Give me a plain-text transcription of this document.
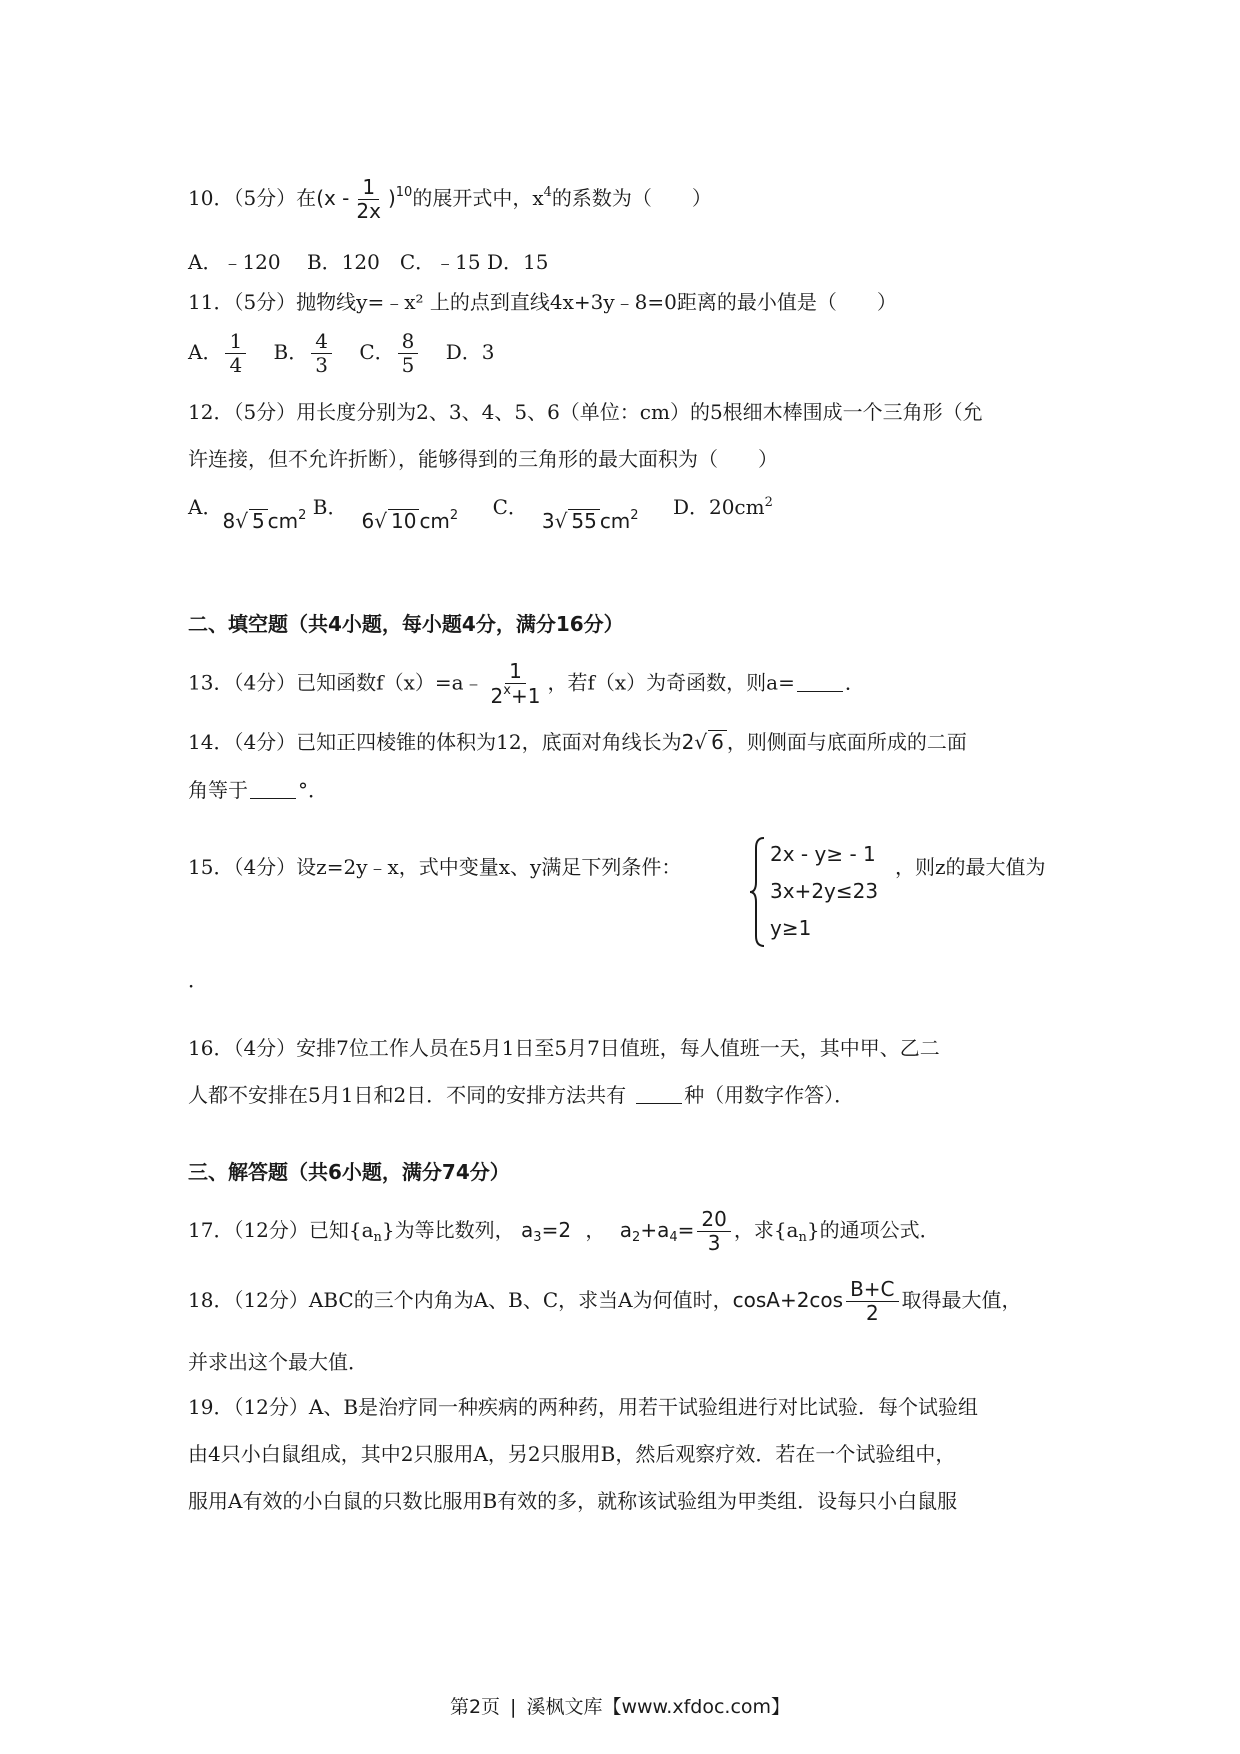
10．（5分）在$(x - \frac{1}{2x} )^{10}$的展开式中，$x^4$的系数为（　　）
A．﹣120　 B．120　C．﹣15 D．15
11．（5分）抛物线y=﹣x² 上的点到直线4x+3y﹣8=0距离的最小值是（　　）
A． $\frac{1}{4}$ B． $\frac{4}{3}$ C． $\frac{8}{5}$ D．3
12．（5分）用长度分别为2、3、4、5、6（单位：cm）的5根细木棒围成一个三角形（允
许连接，但不允许折断），能够得到的三角形的最大面积为（　　）
A．8√ 5 $cm^2$ B．6√ 10 $cm^2$ C．3√ 55 $cm^2$ D．$20cm^2$
二、填空题（共4小题，每小题4分，满分16分）
13．（4分）已知函数f（x）=a﹣ $\frac{1}{2^x+1}$ ，若f（x）为奇函数，则a=	．
14．（4分）已知正四棱锥的体积为12，底面对角线长为2√ 6 ，则侧面与底面所成的二面
角等于	°．
15．（4分）设z=2y﹣x，式中变量x、y满足下列条件：
2x - y≥ - 1
3x+2y≤23
y≥1
，则z的最大值为
．
16．（4分）安排7位工作人员在5月1日至5月7日值班，每人值班一天，其中甲、乙二
人都不安排在5月1日和2日．不同的安排方法共有	种（用数字作答）．
三、解答题（共6小题，满分74分）
17．（12分）已知$\{a_n\}$为等比数列， $a_3=2$ ， $a_2+a_4= \frac{20}{3}$ ，求$\{a_n\}$的通项公式．
18．（12分）ABC的三个内角为A、B、C，求当A为何值时，$\cos A+2\cos \frac{B+C}{2}$ 取得最大值，
并求出这个最大值．
19．（12分）A、B是治疗同一种疾病的两种药，用若干试验组进行对比试验．每个试验组
由4只小白鼠组成，其中2只服用A，另2只服用B，然后观察疗效．若在一个试验组中，
服用A有效的小白鼠的只数比服用B有效的多，就称该试验组为甲类组．设每只小白鼠服
第2页 | 溪枫文库【www.xfdoc.com】
